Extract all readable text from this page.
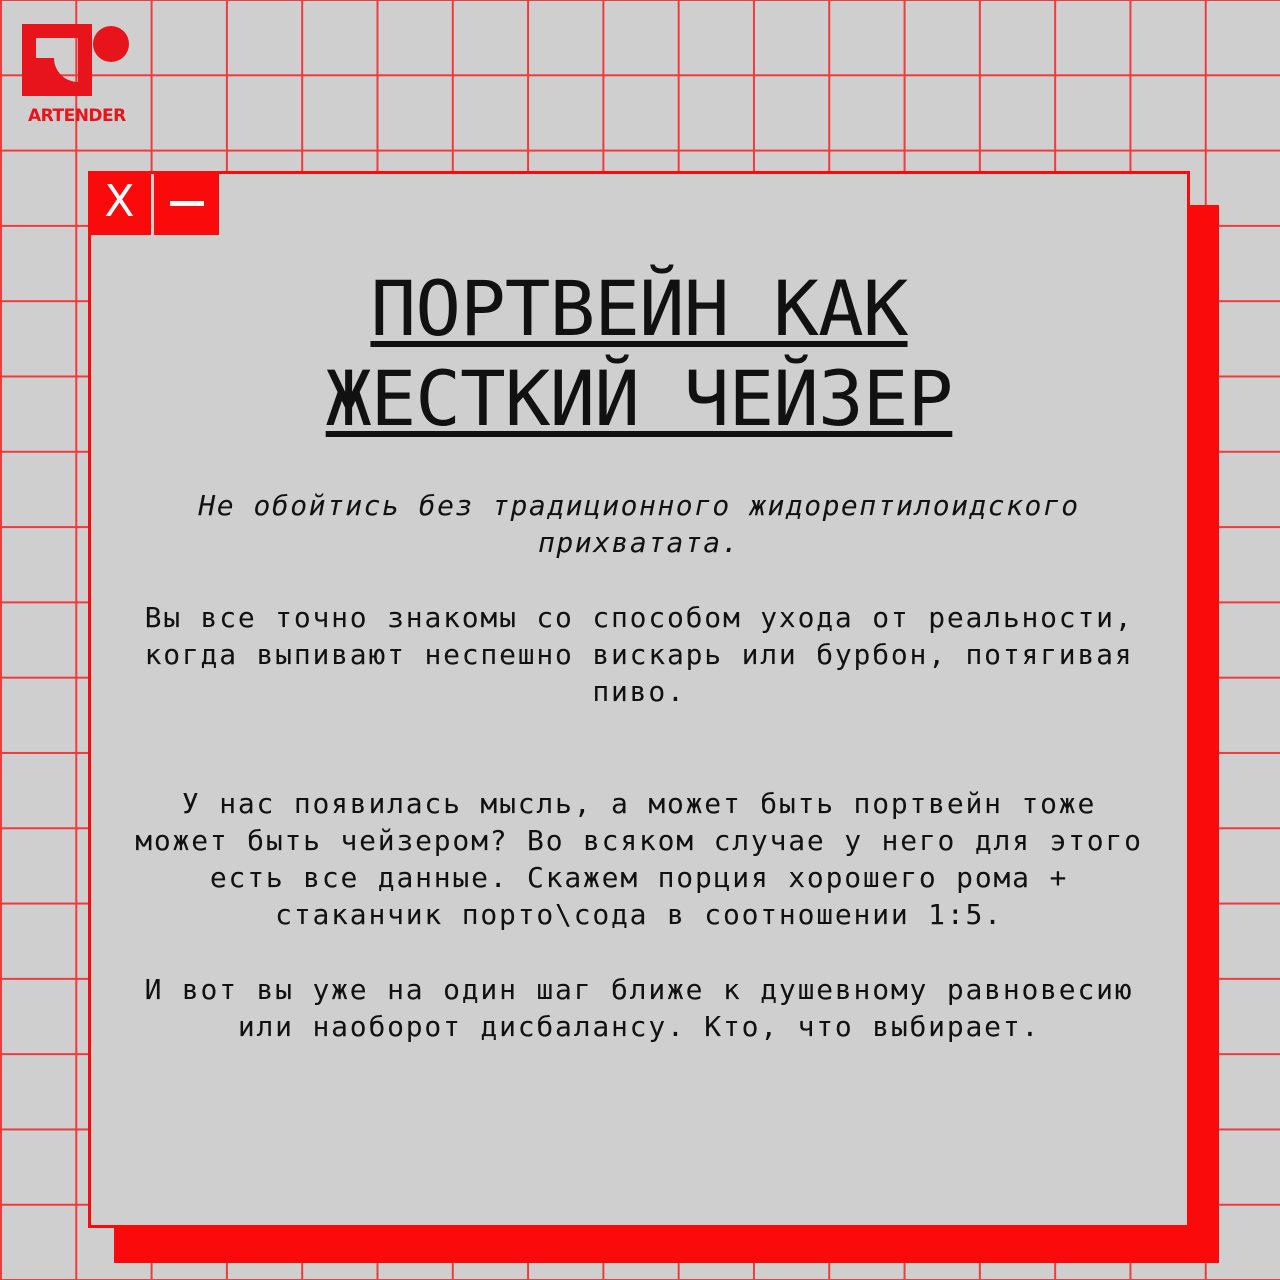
ARTENDER
X
ПОРТВЕЙН КАК
ЖЕСТКИЙ ЧЕЙЗЕР

Не обойтись без традиционного жидорептилоидского прихватата.

Вы все точно знакомы со способом ухода от реальности, когда выпивают неспешно вискарь или бурбон, потягивая пиво.

У нас появилась мысль, а может быть портвейн тоже может быть чейзером? Во всяком случае у него для этого есть все данные. Скажем порция хорошего рома + стаканчик порто\сода в соотношении 1:5.

И вот вы уже на один шаг ближе к душевному равновесию или наоборот дисбалансу. Кто, что выбирает.
